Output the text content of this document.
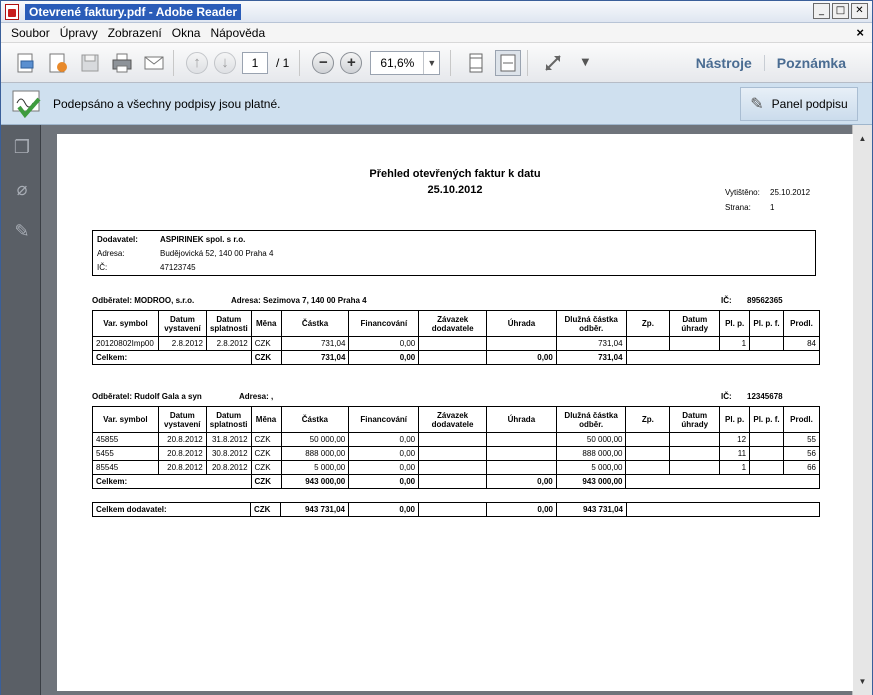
Otevrené faktury.pdf - Adobe Reader	_	□	✕
Soubor Úpravy Zobrazení Okna Nápověda	×
↑	↓	1	/ 1	−	+	61,6%	▼	▼	Nástroje	Poznámka
Podepsáno a všechny podpisy jsou platné.	✎ Panel podpisu
❐
⌀
✎
▲
▼
Přehled otevřených faktur k datu
25.10.2012	Vytištěno: 25.10.2012
Strana: 1
Dodavatel:	ASPIRINEK spol. s r.o.
Adresa:	Budějovická 52, 140 00 Praha 4
IČ:	47123745
Odběratel: MODROO, s.r.o.	Adresa: Sezimova 7, 140 00 Praha 4	IČ: 89562365
Var. symbol	Datum vystavení	Datum splatnosti	Měna	Částka	Financování	Závazek dodavatele	Úhrada	Dlužná částka odběr.	Zp.	Datum úhrady	Pl. p.	Pl. p. f.	Prodl.
20120802Imp00	2.8.2012	2.8.2012	CZK	731,04	0,00			731,04			1		84
Celkem:			CZK	731,04	0,00		0,00	731,04					
Odběratel: Rudolf Gala a syn	Adresa: ,	IČ: 12345678
Var. symbol	Datum vystavení	Datum splatnosti	Měna	Částka	Financování	Závazek dodavatele	Úhrada	Dlužná částka odběr.	Zp.	Datum úhrady	Pl. p.	Pl. p. f.	Prodl.
45855	20.8.2012	31.8.2012	CZK	50 000,00	0,00			50 000,00			12		55
5455	20.8.2012	30.8.2012	CZK	888 000,00	0,00			888 000,00			11		56
85545	20.8.2012	20.8.2012	CZK	5 000,00	0,00			5 000,00			1		66
Celkem:			CZK	943 000,00	0,00		0,00	943 000,00					
Celkem dodavatel:	CZK	943 731,04	0,00		0,00	943 731,04	
